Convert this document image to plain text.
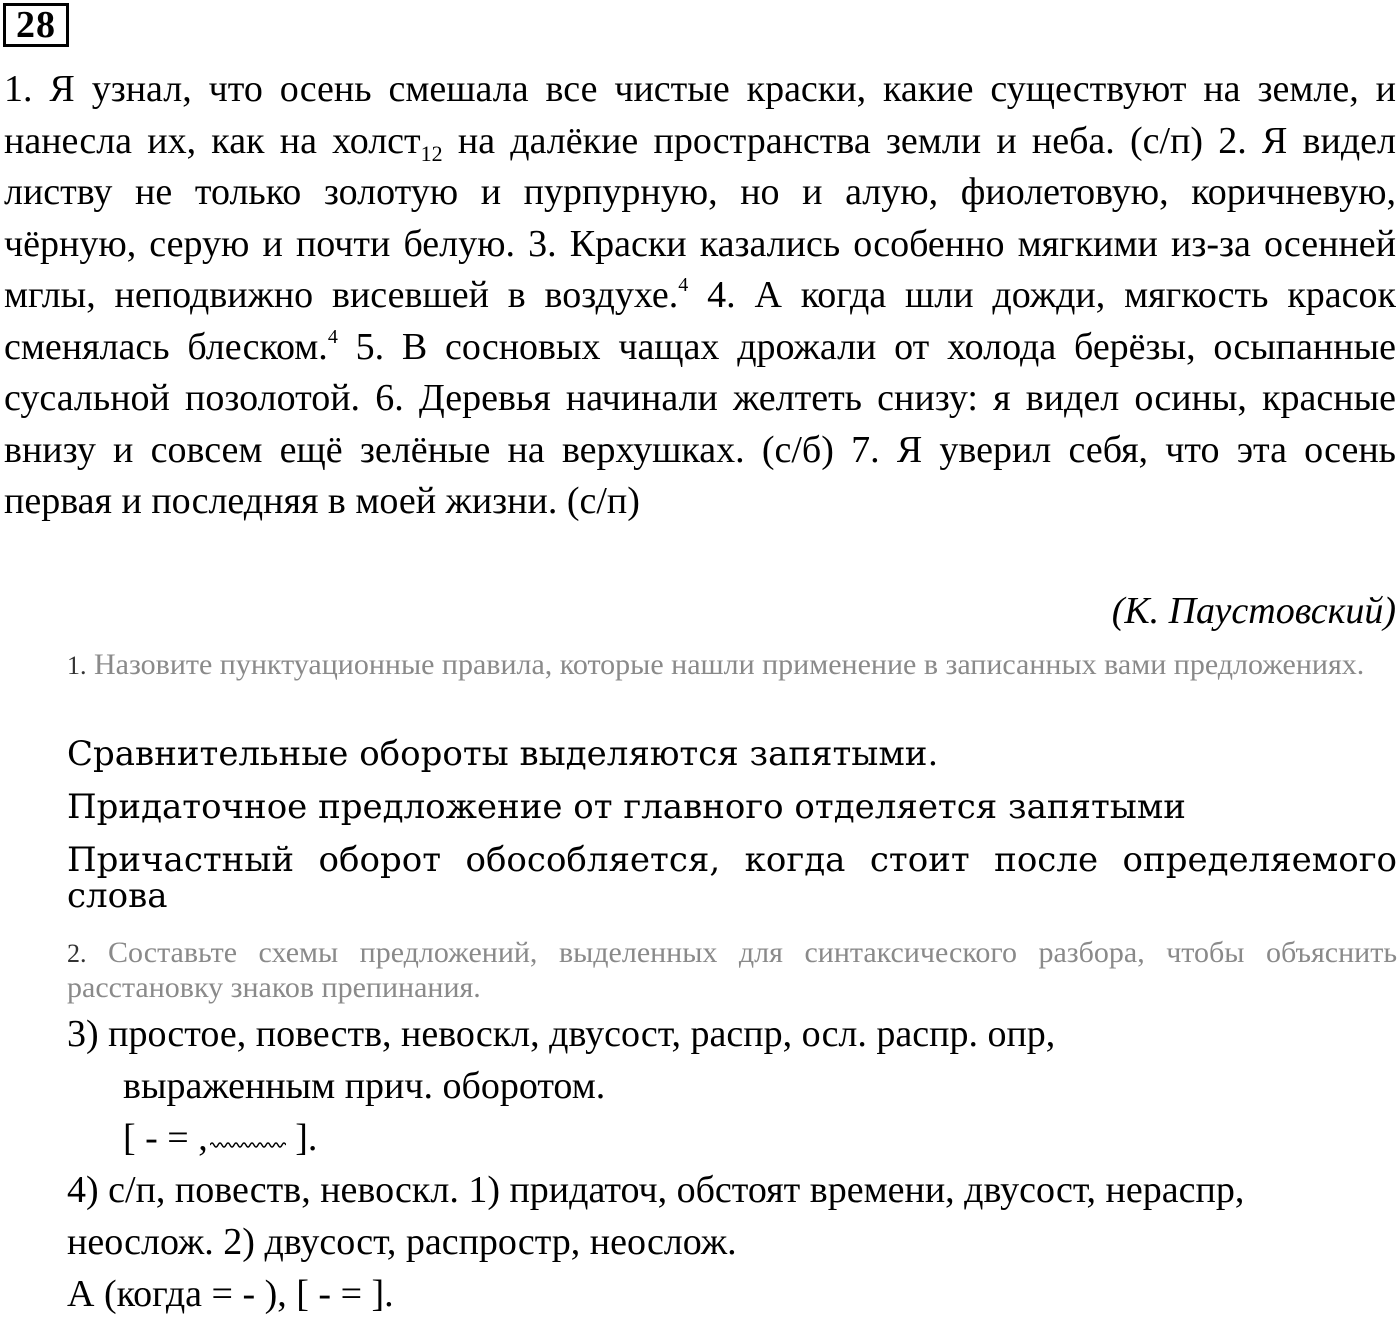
28
1. Я узнал, что осень смешала все чистые краски, какие существуют на земле, и нанесла их, как на холст$_{12}$ на далёкие пространства земли и неба. (с/п) 2. Я видел листву не только золотую и пурпурную, но и алую, фиолетовую, коричневую, чёрную, серую и почти белую. 3. Краски казались особенно мягкими из-за осенней мглы, неподвижно висевшей в воздухе.$^4$ 4. А когда шли дожди, мягкость красок сменялась блеском.$^4$ 5. В сосновых чащах дрожали от холода берёзы, осыпанные сусальной позолотой. 6. Деревья начинали желтеть снизу: я видел осины, красные внизу и совсем ещё зелёные на верхушках. (с/б) 7. Я уверил себя, что эта осень первая и последняя в моей жизни. (с/п)
(К. Паустовский)
1. Назовите пунктуационные правила, которые нашли применение в записанных вами предложениях.
Сравнительные обороты выделяются запятыми.
Придаточное предложение от главного отделяется запятыми
Причастный оборот обособляется, когда стоит после определяемого слова
2. Составьте схемы предложений, выделенных для синтаксического разбора, чтобы объяснить расстановку знаков препинания.
3) простое, повеств, невоскл, двусост, распр, осл. распр. опр,
выраженным прич. оборотом.
[ - = , ].
4) с/п, повеств, невоскл. 1) придаточ, обстоят времени, двусост, нераспр,
неослож. 2) двусост, распростр, неослож.
А (когда = - ), [ - = ].
